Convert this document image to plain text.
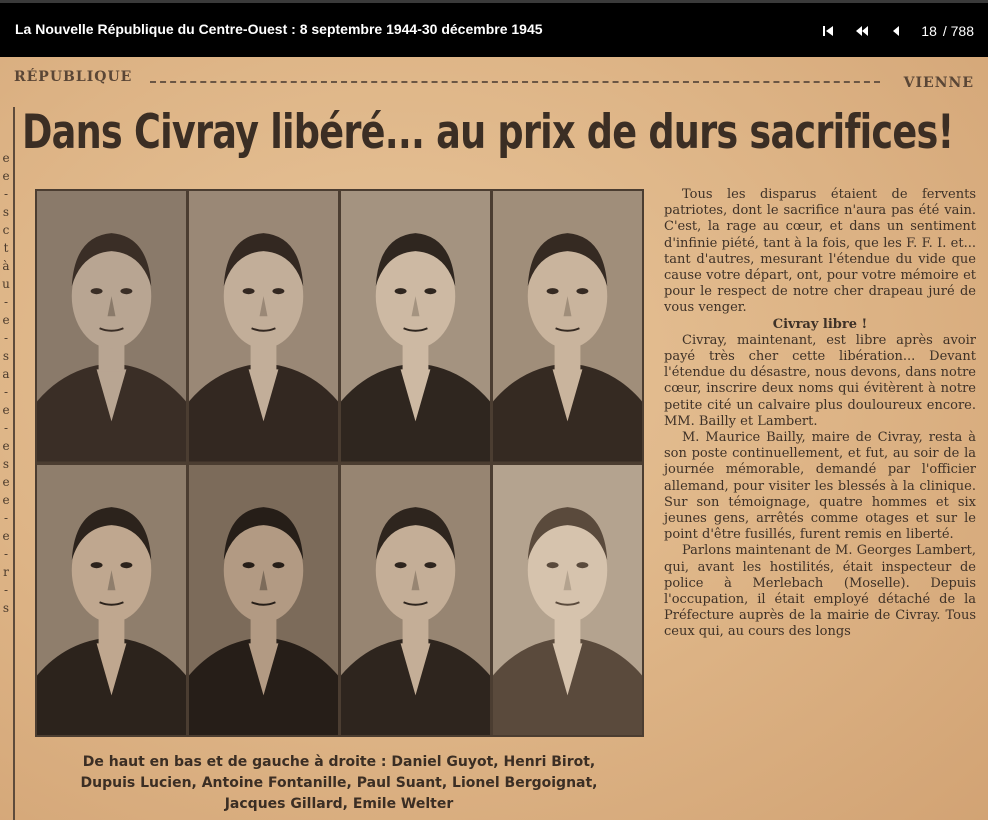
La Nouvelle République du Centre-Ouest : 8 septembre 1944-30 décembre 1945	18 / 788
RÉPUBLIQUE	VIENNE
e e - s c t à u - e - s a - e - e s e e - e - r - s
Dans Civray libéré... au prix de durs sacrifices!

De haut en bas et de gauche à droite : Daniel Guyot, Henri Birot,

Dupuis Lucien, Antoine Fontanille, Paul Suant, Lionel Bergoignat,

Jacques Gillard, Emile Welter

Tous les disparus étaient de fervents patriotes, dont le sacrifice n'aura pas été vain. C'est, la rage au cœur, et dans un sentiment d'infinie piété, tant à la fois, que les F. F. I. et... tant d'autres, mesurant l'étendue du vide que cause votre départ, ont, pour votre mémoire et pour le respect de notre cher drapeau juré de vous venger.

Civray libre !

Civray, maintenant, est libre après avoir payé très cher cette libération... Devant l'étendue du désastre, nous devons, dans notre cœur, inscrire deux noms qui évitèrent à notre petite cité un calvaire plus douloureux encore. MM. Bailly et Lambert.

M. Maurice Bailly, maire de Civray, resta à son poste continuellement, et fut, au soir de la journée mémorable, demandé par l'officier allemand, pour visiter les blessés à la clinique. Sur son témoignage, quatre hommes et six jeunes gens, arrêtés comme otages et sur le point d'être fusillés, furent remis en liberté.

Parlons maintenant de M. Georges Lambert, qui, avant les hostilités, était inspecteur de police à Merlebach (Moselle). Depuis l'occupation, il était employé détaché de la Préfecture auprès de la mairie de Civray. Tous ceux qui, au cours des longs
